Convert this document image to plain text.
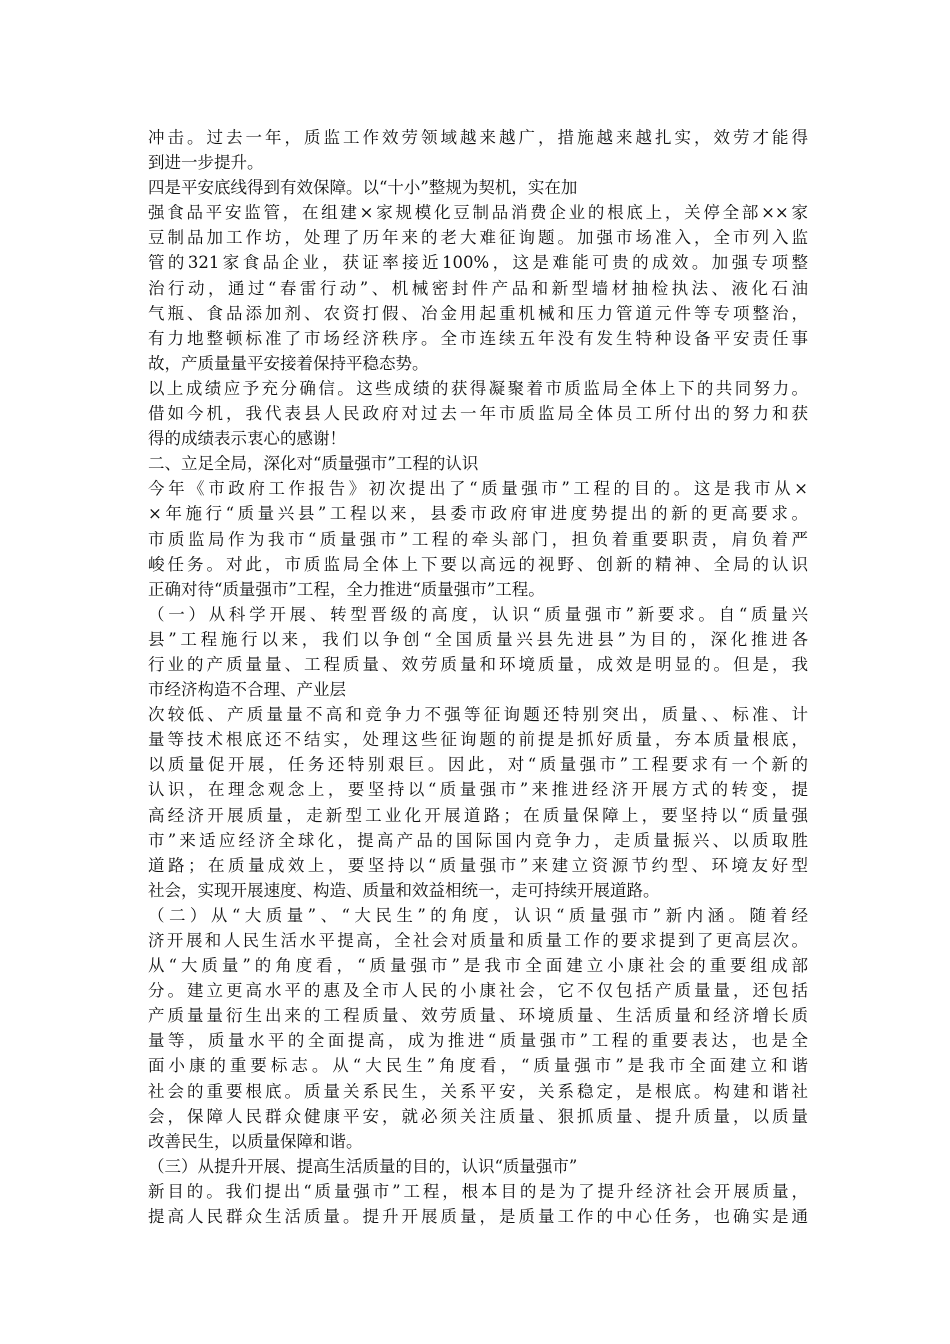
冲击。过去一年，质监工作效劳领域越来越广，措施越来越扎实，效劳才能得
到进一步提升。
四是平安底线得到有效保障。以“十小”整规为契机，实在加
强食品平安监管，在组建×家规模化豆制品消费企业的根底上，关停全部××家
豆制品加工作坊，处理了历年来的老大难征询题。加强市场准入，全市列入监
管的321家食品企业，获证率接近100%，这是难能可贵的成效。加强专项整
治行动，通过“春雷行动”、机械密封件产品和新型墙材抽检执法、液化石油
气瓶、食品添加剂、农资打假、冶金用起重机械和压力管道元件等专项整治，
有力地整顿标准了市场经济秩序。全市连续五年没有发生特种设备平安责任事
故，产质量量平安接着保持平稳态势。
以上成绩应予充分确信。这些成绩的获得凝聚着市质监局全体上下的共同努力。
借如今机，我代表县人民政府对过去一年市质监局全体员工所付出的努力和获
得的成绩表示衷心的感谢！
二、立足全局，深化对“质量强市”工程的认识
今年《市政府工作报告》初次提出了“质量强市”工程的目的。这是我市从×
×年施行“质量兴县”工程以来，县委市政府审进度势提出的新的更高要求。
市质监局作为我市“质量强市”工程的牵头部门，担负着重要职责，肩负着严
峻任务。对此，市质监局全体上下要以高远的视野、创新的精神、全局的认识
正确对待“质量强市”工程，全力推进“质量强市”工程。
（一）从科学开展、转型晋级的高度，认识“质量强市”新要求。自“质量兴
县”工程施行以来，我们以争创“全国质量兴县先进县”为目的，深化推进各
行业的产质量量、工程质量、效劳质量和环境质量，成效是明显的。但是，我
市经济构造不合理、产业层
次较低、产质量量不高和竞争力不强等征询题还特别突出，质量、、标准、计
量等技术根底还不结实，处理这些征询题的前提是抓好质量，夯本质量根底，
以质量促开展，任务还特别艰巨。因此，对“质量强市”工程要求有一个新的
认识，在理念观念上，要坚持以“质量强市”来推进经济开展方式的转变，提
高经济开展质量，走新型工业化开展道路；在质量保障上，要坚持以“质量强
市”来适应经济全球化，提高产品的国际国内竞争力，走质量振兴、以质取胜
道路；在质量成效上，要坚持以“质量强市”来建立资源节约型、环境友好型
社会，实现开展速度、构造、质量和效益相统一，走可持续开展道路。
（二）从“大质量”、“大民生”的角度，认识“质量强市”新内涵。随着经
济开展和人民生活水平提高，全社会对质量和质量工作的要求提到了更高层次。
从“大质量”的角度看，“质量强市”是我市全面建立小康社会的重要组成部
分。建立更高水平的惠及全市人民的小康社会，它不仅包括产质量量，还包括
产质量量衍生出来的工程质量、效劳质量、环境质量、生活质量和经济增长质
量等，质量水平的全面提高，成为推进“质量强市”工程的重要表达，也是全
面小康的重要标志。从“大民生”角度看，“质量强市”是我市全面建立和谐
社会的重要根底。质量关系民生，关系平安，关系稳定，是根底。构建和谐社
会，保障人民群众健康平安，就必须关注质量、狠抓质量、提升质量，以质量
改善民生，以质量保障和谐。
（三）从提升开展、提高生活质量的目的，认识“质量强市”
新目的。我们提出“质量强市”工程，根本目的是为了提升经济社会开展质量，
提高人民群众生活质量。提升开展质量，是质量工作的中心任务，也确实是通
